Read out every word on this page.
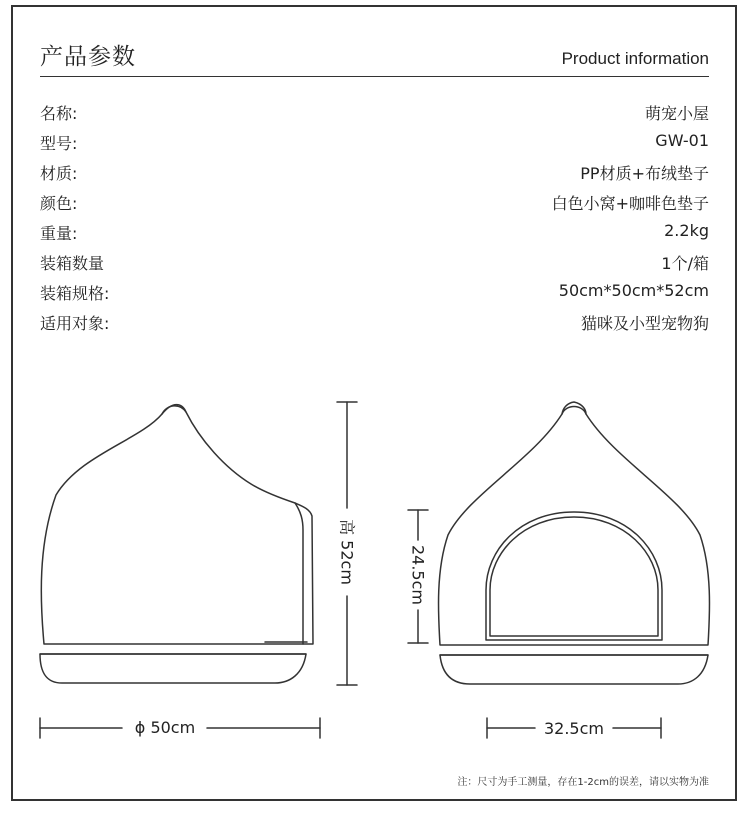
产品参数	Product information
名称:	萌宠小屋
型号:	GW-01
材质:	PP材质+布绒垫子
颜色:	白色小窝+咖啡色垫子
重量:	2.2kg
装箱数量	1个/箱
装箱规格:	50cm*50cm*52cm
适用对象:	猫咪及小型宠物狗
高 52cm	24.5cm
ϕ 50cm	32.5cm
注：尺寸为手工测量，存在1-2cm的误差，请以实物为准
